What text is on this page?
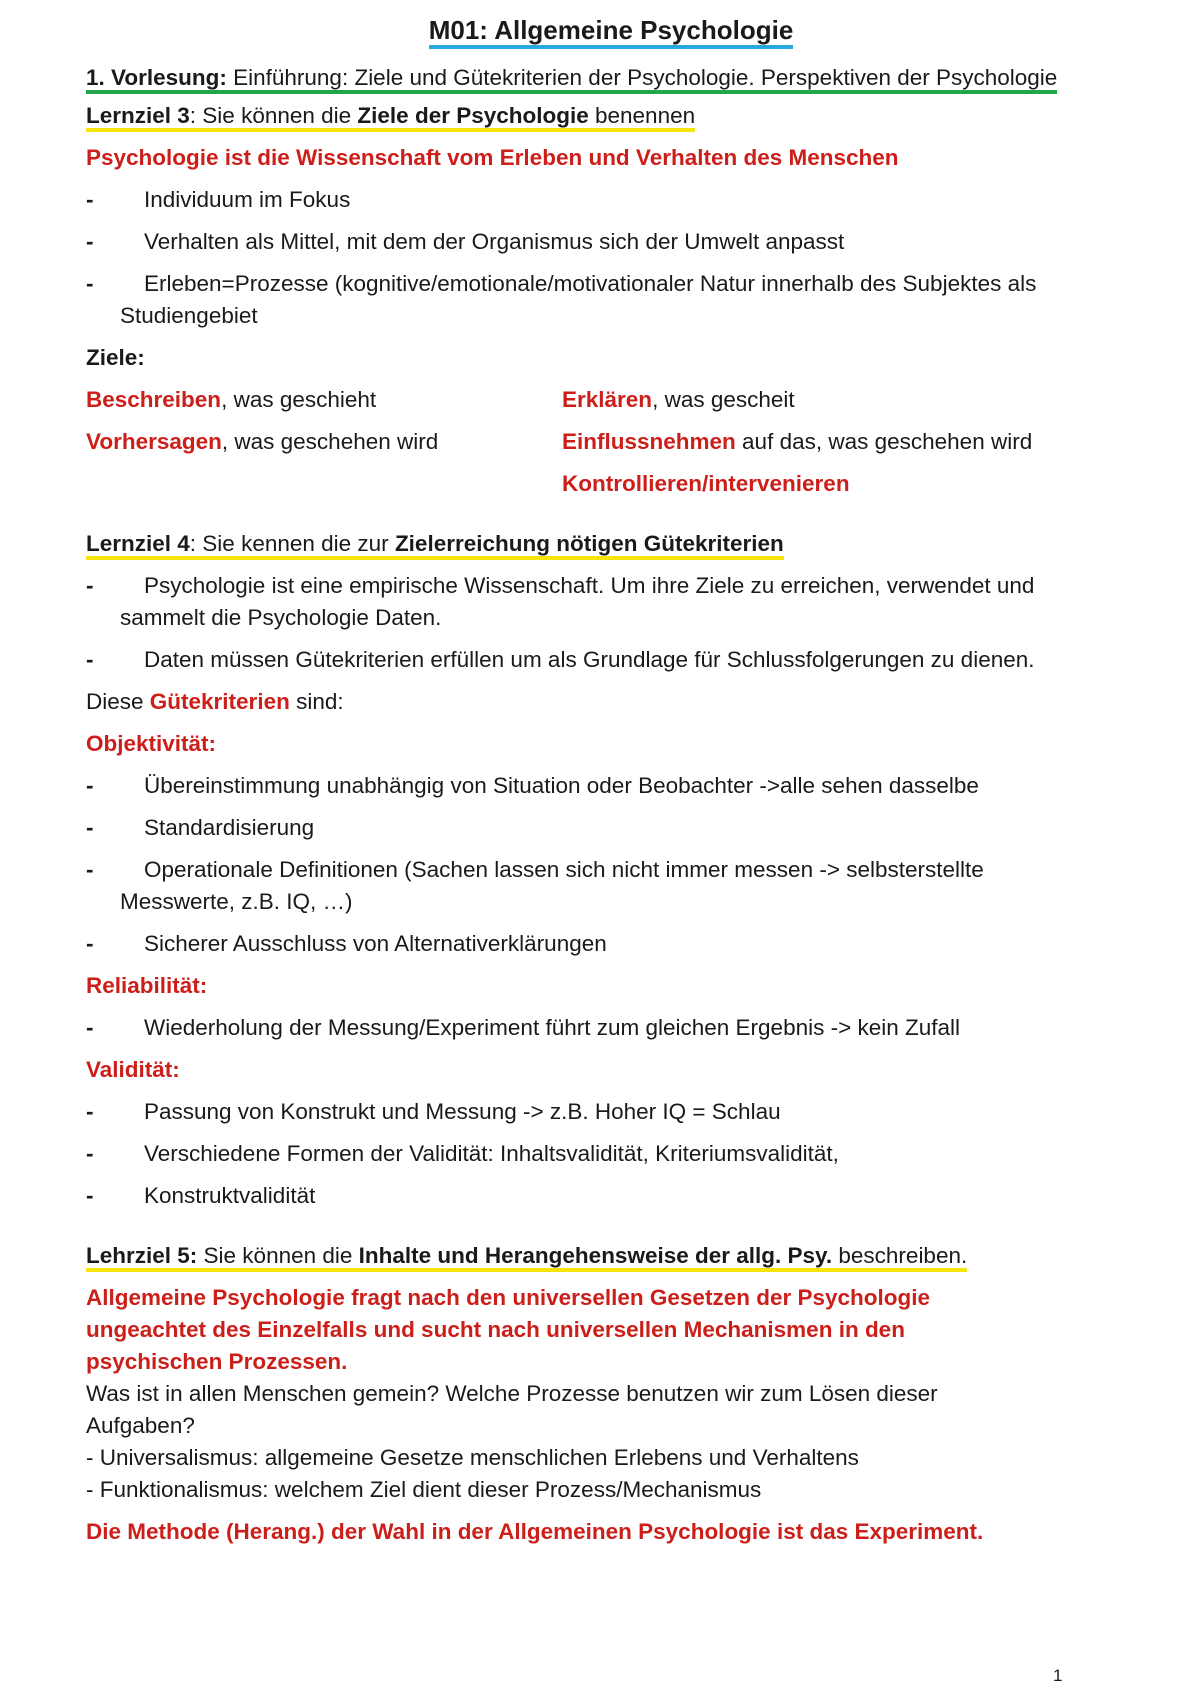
M01: Allgemeine Psychologie
1. Vorlesung: Einführung: Ziele und Gütekriterien der Psychologie. Perspektiven der Psychologie
Lernziel 3: Sie können die Ziele der Psychologie benennen
Psychologie ist die Wissenschaft vom Erleben und Verhalten des Menschen
- Individuum im Fokus
- Verhalten als Mittel, mit dem der Organismus sich der Umwelt anpasst
- Erleben=Prozesse (kognitive/emotionale/motivationaler Natur innerhalb des Subjektes als
Studiengebiet
Ziele:
Beschreiben, was geschieht	Erklären, was gescheit
Vorhersagen, was geschehen wird	Einflussnehmen auf das, was geschehen wird
Kontrollieren/intervenieren
Lernziel 4: Sie kennen die zur Zielerreichung nötigen Gütekriterien
- Psychologie ist eine empirische Wissenschaft. Um ihre Ziele zu erreichen, verwendet und
sammelt die Psychologie Daten.
- Daten müssen Gütekriterien erfüllen um als Grundlage für Schlussfolgerungen zu dienen.
Diese Gütekriterien sind:
Objektivität:
- Übereinstimmung unabhängig von Situation oder Beobachter ->alle sehen dasselbe
- Standardisierung
- Operationale Definitionen (Sachen lassen sich nicht immer messen -> selbsterstellte
Messwerte, z.B. IQ, …)
- Sicherer Ausschluss von Alternativerklärungen
Reliabilität:
- Wiederholung der Messung/Experiment führt zum gleichen Ergebnis -> kein Zufall
Validität:
- Passung von Konstrukt und Messung -> z.B. Hoher IQ = Schlau
- Verschiedene Formen der Validität: Inhaltsvalidität, Kriteriumsvalidität,
- Konstruktvalidität
Lehrziel 5: Sie können die Inhalte und Herangehensweise der allg. Psy. beschreiben.
Allgemeine Psychologie fragt nach den universellen Gesetzen der Psychologie
ungeachtet des Einzelfalls und sucht nach universellen Mechanismen in den
psychischen Prozessen.
Was ist in allen Menschen gemein? Welche Prozesse benutzen wir zum Lösen dieser
Aufgaben?
- Universalismus: allgemeine Gesetze menschlichen Erlebens und Verhaltens
- Funktionalismus: welchem Ziel dient dieser Prozess/Mechanismus
Die Methode (Herang.) der Wahl in der Allgemeinen Psychologie ist das Experiment.
1
